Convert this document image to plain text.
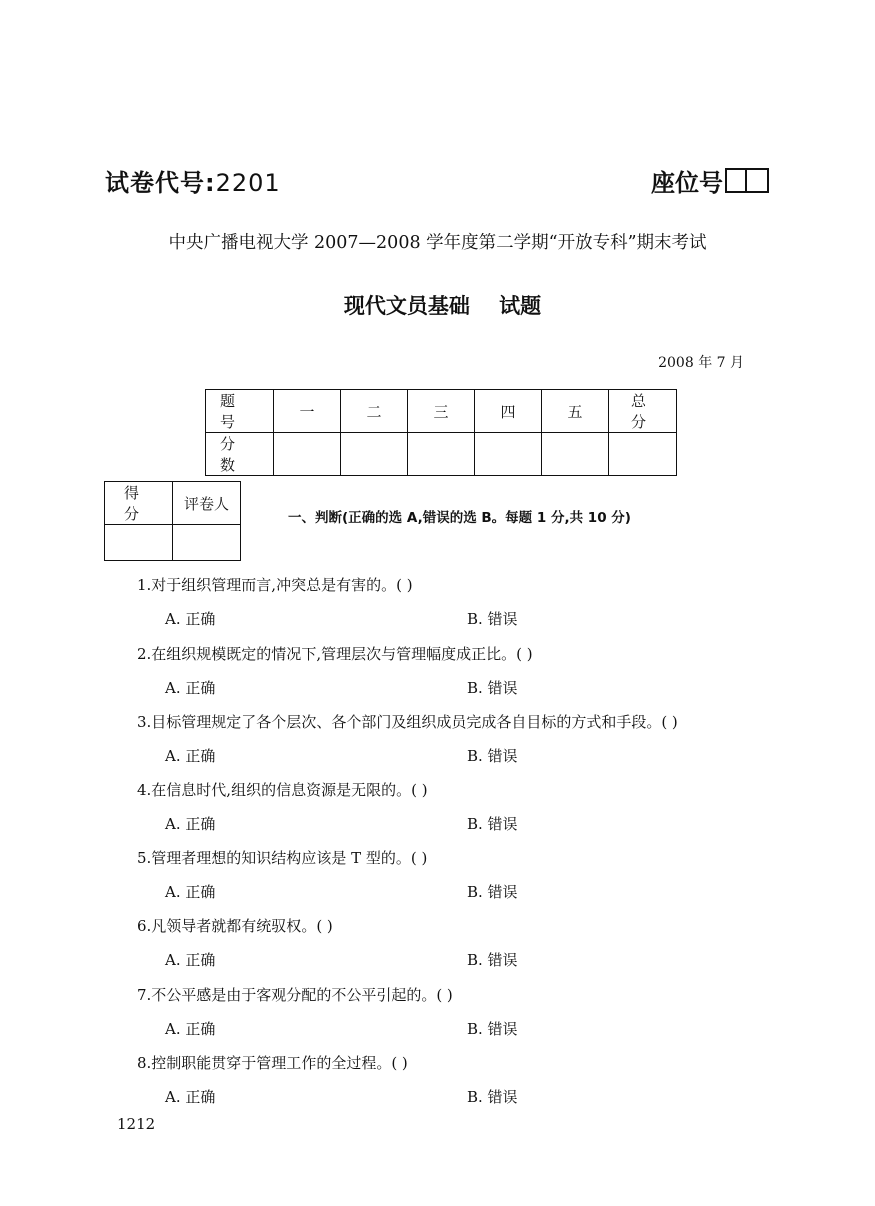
试卷代号:2201	座位号
中央广播电视大学 2007—2008 学年度第二学期“开放专科”期末考试
现代文员基础    试题
2008 年 7 月
题 号	一	二	三	四	五	总 分
分 数						
得 分	评卷人

一、判断(正确的选 A,错误的选 B。每题 1 分,共 10 分)
1.对于组织管理而言,冲突总是有害的。( )
A. 正确	B. 错误
2.在组织规模既定的情况下,管理层次与管理幅度成正比。( )
A. 正确	B. 错误
3.目标管理规定了各个层次、各个部门及组织成员完成各自目标的方式和手段。( )
A. 正确	B. 错误
4.在信息时代,组织的信息资源是无限的。( )
A. 正确	B. 错误
5.管理者理想的知识结构应该是 T 型的。( )
A. 正确	B. 错误
6.凡领导者就都有统驭权。( )
A. 正确	B. 错误
7.不公平感是由于客观分配的不公平引起的。( )
A. 正确	B. 错误
8.控制职能贯穿于管理工作的全过程。( )
A. 正确	B. 错误
1212
